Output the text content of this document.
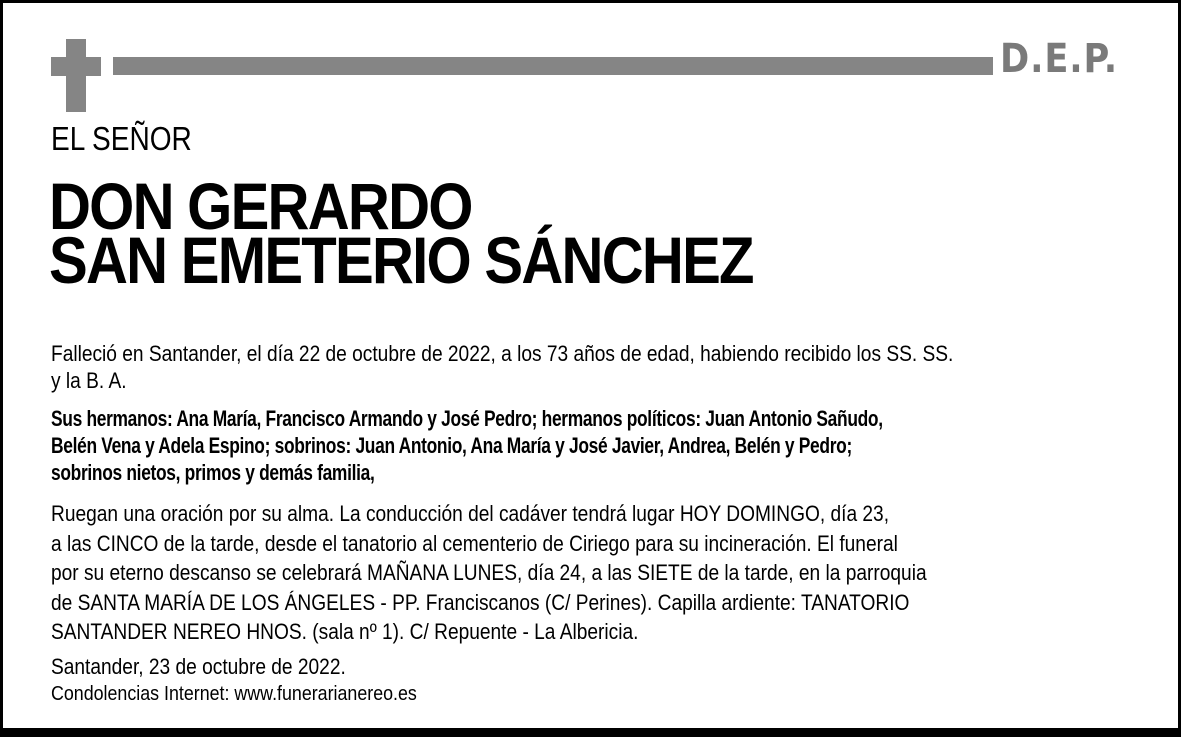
D.E.P.
EL SEÑOR
DON GERARDO
SAN EMETERIO SÁNCHEZ
Falleció en Santander, el día 22 de octubre de 2022, a los 73 años de edad, habiendo recibido los SS. SS.
y la B. A.
Sus hermanos: Ana María, Francisco Armando y José Pedro; hermanos políticos: Juan Antonio Sañudo,
Belén Vena y Adela Espino; sobrinos: Juan Antonio, Ana María y José Javier, Andrea, Belén y Pedro;
sobrinos nietos, primos y demás familia,
Ruegan una oración por su alma. La conducción del cadáver tendrá lugar HOY DOMINGO, día 23,
a las CINCO de la tarde, desde el tanatorio al cementerio de Ciriego para su incineración. El funeral
por su eterno descanso se celebrará MAÑANA LUNES, día 24, a las SIETE de la tarde, en la parroquia
de SANTA MARÍA DE LOS ÁNGELES - PP. Franciscanos (C/ Perines). Capilla ardiente: TANATORIO
SANTANDER NEREO HNOS. (sala nº 1). C/ Repuente - La Albericia.
Santander, 23 de octubre de 2022.
Condolencias Internet: www.funerarianereo.es
